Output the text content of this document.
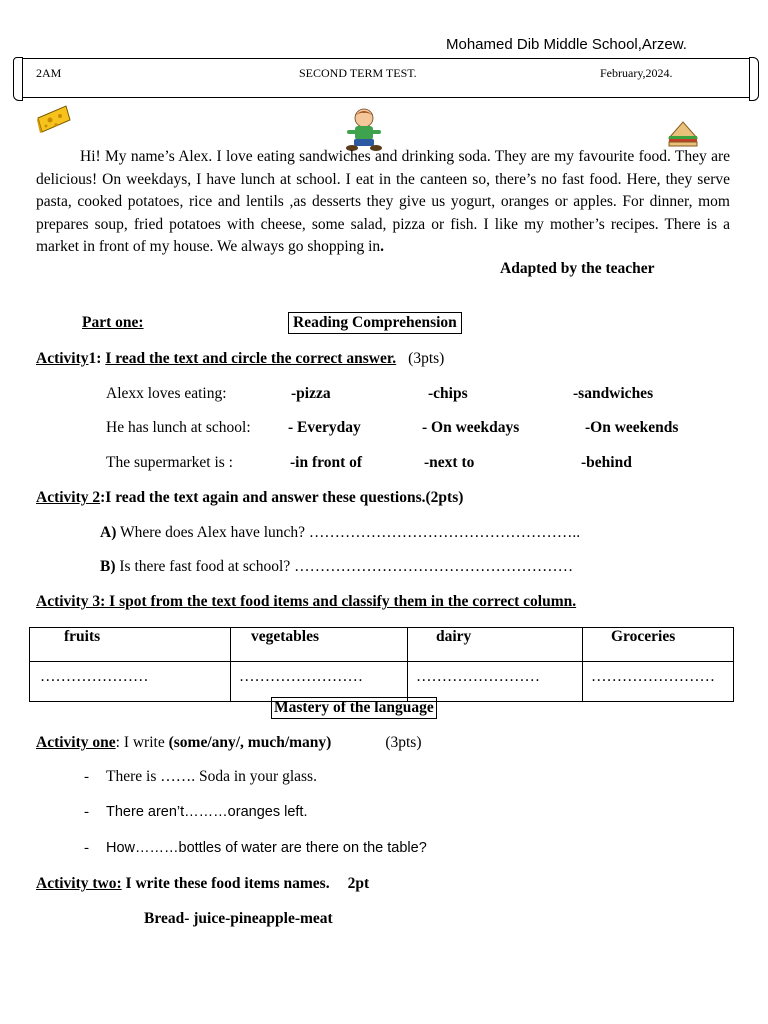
Mohamed Dib Middle School,Arzew.
2AM	SECOND TERM TEST.	February,2024.
Hi! My name’s Alex. I love eating sandwiches and drinking soda. They are my favourite food. They are delicious! On weekdays, I have lunch at school. I eat in the canteen so, there’s no fast food. Here, they serve pasta, cooked potatoes, rice and lentils ,as desserts they give us yogurt, oranges or apples. For dinner, mom prepares soup, fried potatoes with cheese, some salad, pizza or fish. I like my mother’s recipes. There is a market in front of my house. We always go shopping in.
Adapted by the teacher
Part one:	Reading Comprehension
Activity1: I read the text and circle the correct answer. (3pts)
Alexx loves eating:	-pizza	-chips	-sandwiches
He has lunch at school: - Everyday	- On weekdays	-On weekends
The supermarket is :	-in front of	-next to	-behind
Activity 2:I read the text again and answer these questions.(2pts)
A) Where does Alex have lunch? ……………………………………………..
B) Is there fast food at school? ………………………………………………
Activity 3: I spot from the text food items and classify them in the correct column.
fruits	vegetables	dairy	Groceries
…………………	……………………	……………………	……………………
Mastery of the language
Activity one: I write (some/any/, much/many)	(3pts)
- There is ……. Soda in your glass.
- There aren’t………oranges left.
- How………bottles of water are there on the table?
Activity two: I write these food items names. 2pt
Bread- juice-pineapple-meat
